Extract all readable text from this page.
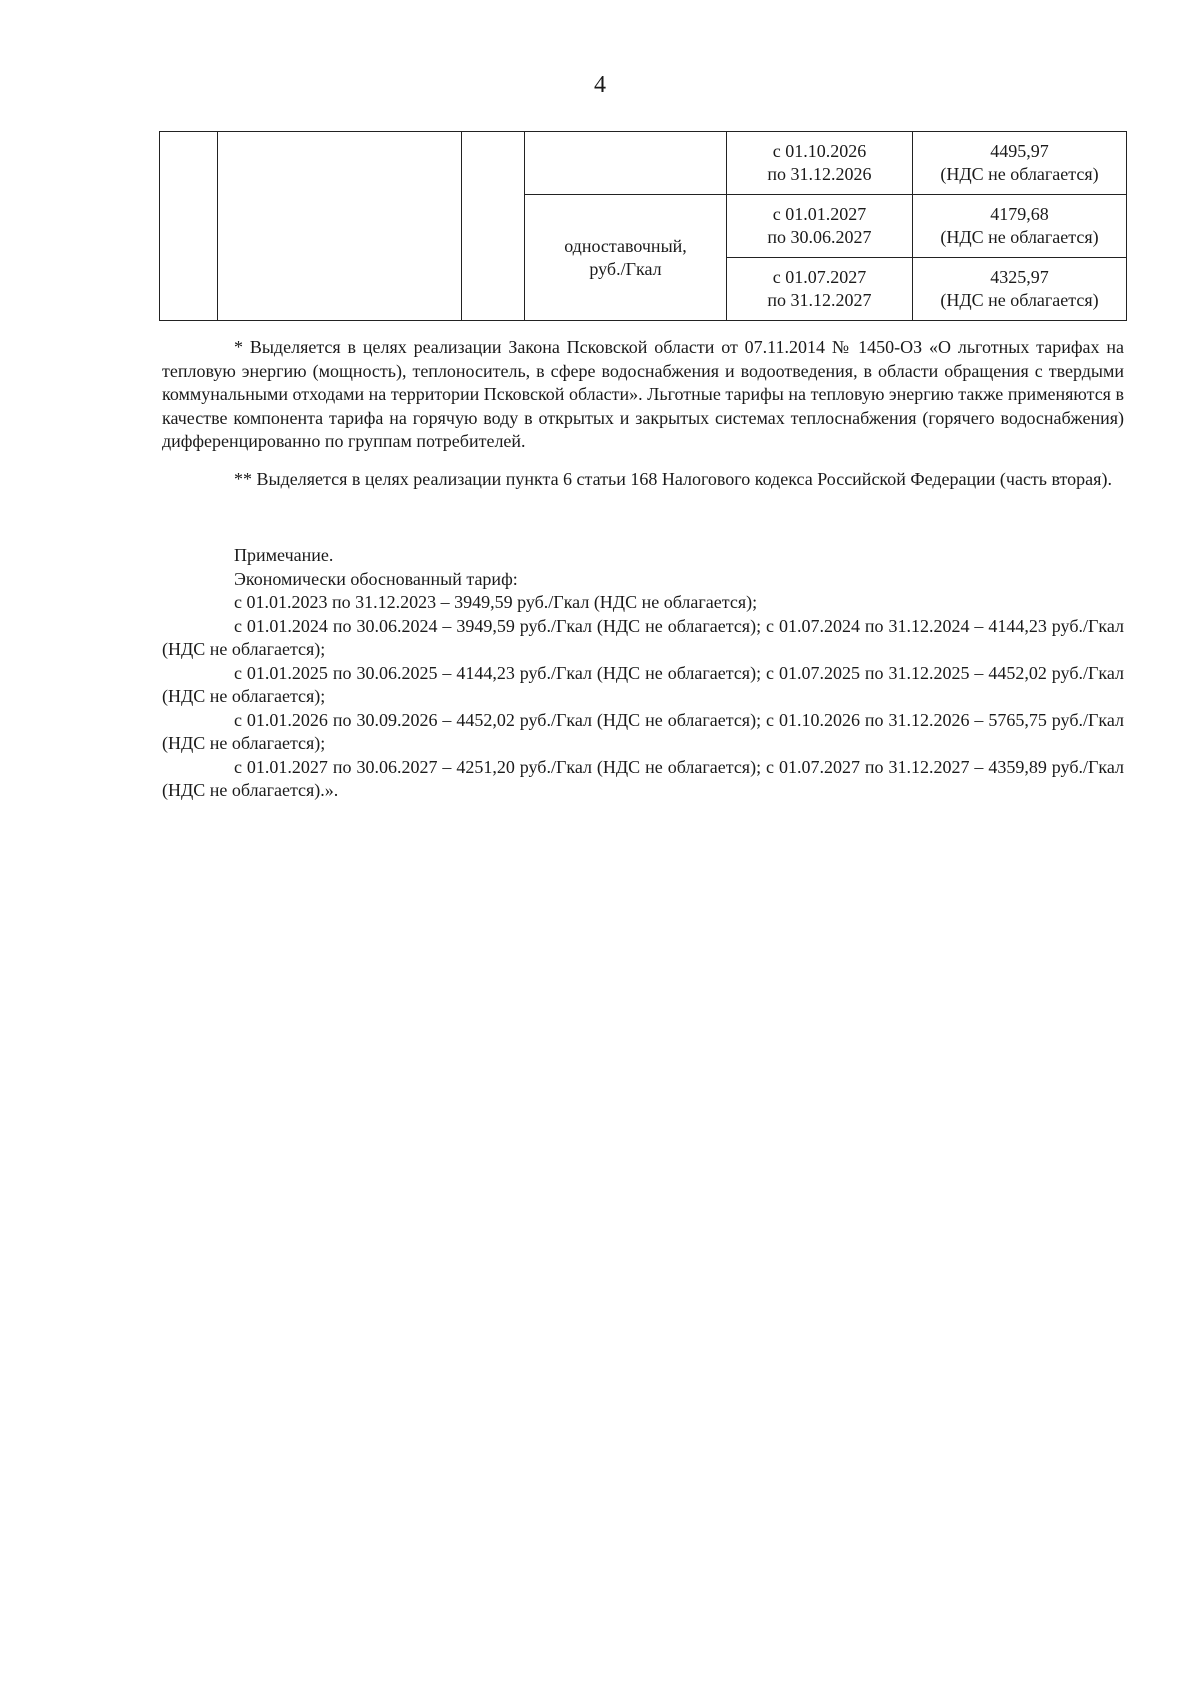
4

				с 01.10.2026
по 31.12.2026	4495,97
(НДС не облагается)

			одноставочный,
руб./Гкал	с 01.01.2027
по 30.06.2027	4179,68
(НДС не облагается)

				с 01.07.2027
по 31.12.2027	4325,97
(НДС не облагается)

* Выделяется в целях реализации Закона Псковской области от 07.11.2014 № 1450-ОЗ «О льготных тарифах на тепловую энергию (мощность), теплоноситель, в сфере водоснабжения и водоотведения, в области обращения с твердыми коммунальными отходами на территории Псковской области». Льготные тарифы на тепловую энергию также применяются в качестве компонента тарифа на горячую воду в открытых и закрытых системах теплоснабжения (горячего водоснабжения) дифференцированно по группам потребителей.

** Выделяется в целях реализации пункта 6 статьи 168 Налогового кодекса Российской Федерации (часть вторая).

Примечание.
Экономически обоснованный тариф:
с 01.01.2023 по 31.12.2023 – 3949,59 руб./Гкал (НДС не облагается);

с 01.01.2024 по 30.06.2024 – 3949,59 руб./Гкал (НДС не облагается); с 01.07.2024 по 31.12.2024 – 4144,23 руб./Гкал (НДС не облагается);

с 01.01.2025 по 30.06.2025 – 4144,23 руб./Гкал (НДС не облагается); с 01.07.2025 по 31.12.2025 – 4452,02 руб./Гкал (НДС не облагается);

с 01.01.2026 по 30.09.2026 – 4452,02 руб./Гкал (НДС не облагается); с 01.10.2026 по 31.12.2026 – 5765,75 руб./Гкал (НДС не облагается);

с 01.01.2027 по 30.06.2027 – 4251,20 руб./Гкал (НДС не облагается); с 01.07.2027 по 31.12.2027 – 4359,89 руб./Гкал (НДС не облагается).».
